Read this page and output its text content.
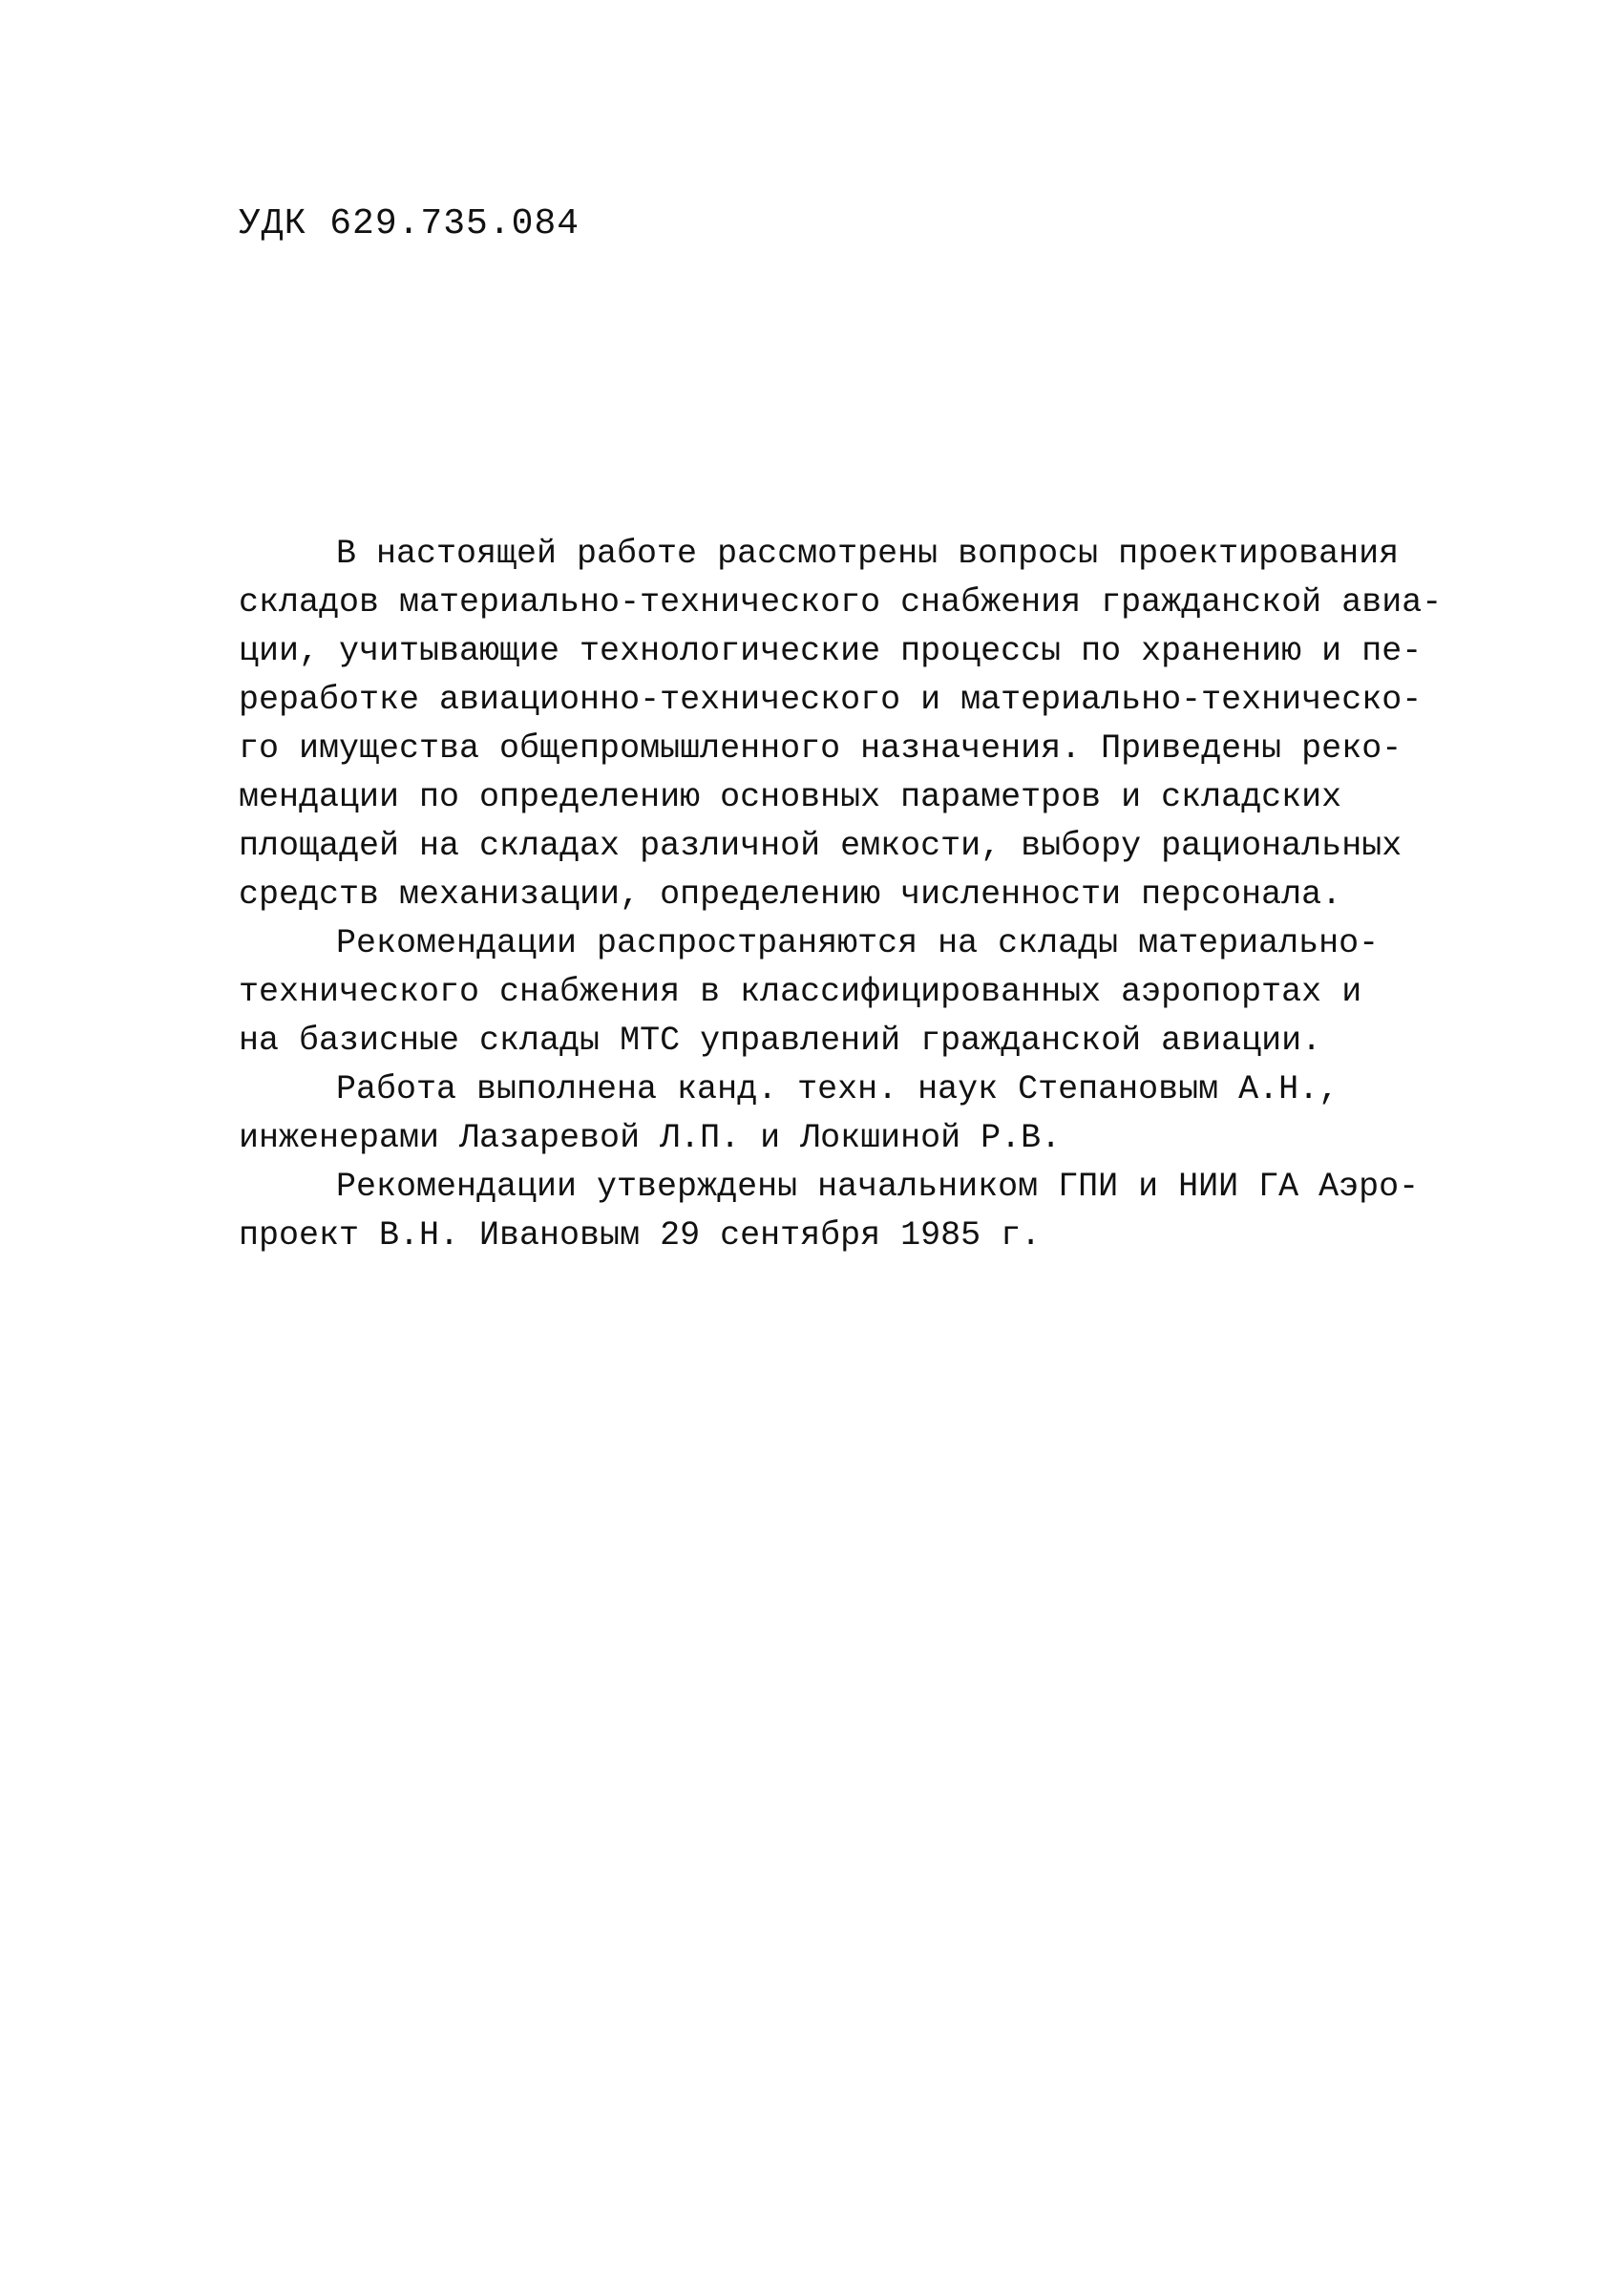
УДК 629.735.084
В настоящей работе рассмотрены вопросы проектирования
складов материально-технического снабжения гражданской авиа-
ции, учитывающие технологические процессы по хранению и пе-
реработке авиационно-технического и материально-техническо-
го имущества общепромышленного назначения. Приведены реко-
мендации по определению основных параметров и складских
площадей на складах различной емкости, выбору рациональных
средств механизации, определению численности персонала.
Рекомендации распространяются на склады материально-
технического снабжения в классифицированных аэропортах и
на базисные склады МТС управлений гражданской авиации.
Работа выполнена канд. техн. наук Степановым А.Н.,
инженерами Лазаревой Л.П. и Локшиной Р.В.
Рекомендации утверждены начальником ГПИ и НИИ ГА Аэро-
проект В.Н. Ивановым 29 сентября 1985 г.
